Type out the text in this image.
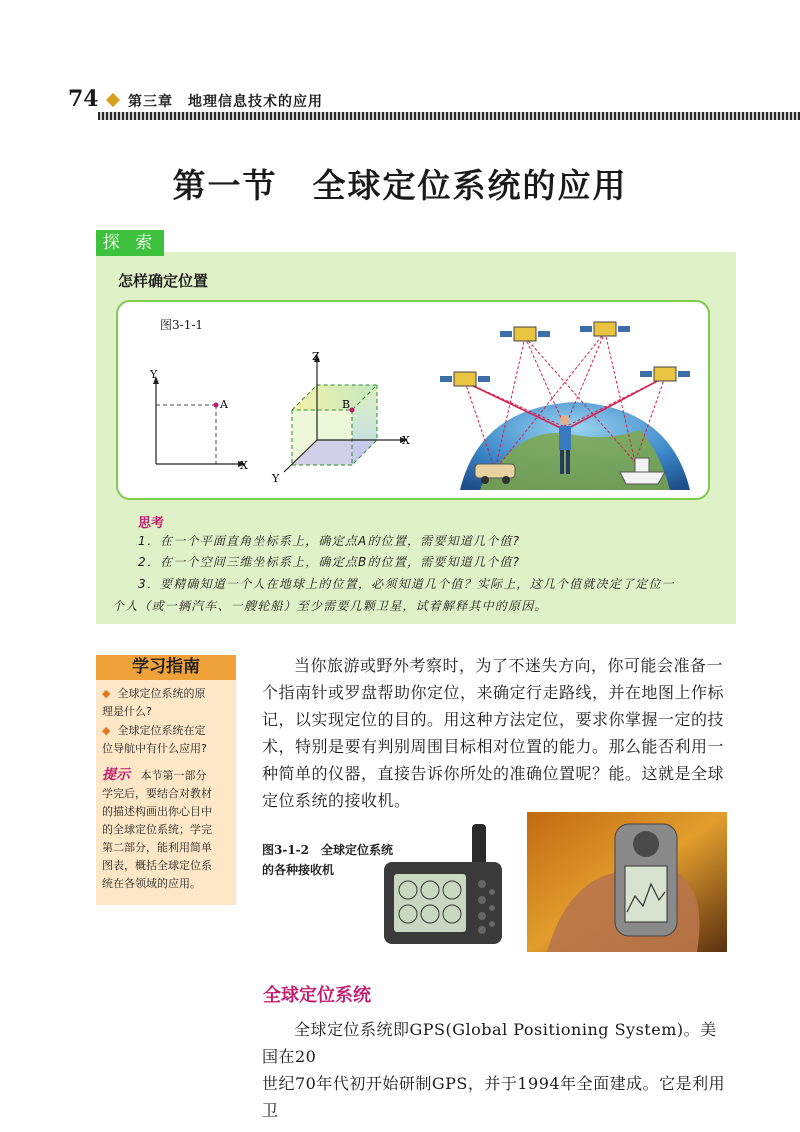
74 第三章　地理信息技术的应用
第一节　全球定位系统的应用
探 索
怎样确定位置
图3-1-1
Y
X
A
Z
X
Y
B
思考
1．在一个平面直角坐标系上，确定点A的位置，需要知道几个值?
2．在一个空间三维坐标系上，确定点B的位置，需要知道几个值?
3．要精确知道一个人在地球上的位置，必须知道几个值？实际上，这几个值就决定了定位一
个人（或一辆汽车、一艘轮船）至少需要几颗卫星，试着解释其中的原因。
学习指南
◆ 全球定位系统的原
理是什么?
◆ 全球定位系统在定
位导航中有什么应用?
提示 本节第一部分
学完后，要结合对教材
的描述构画出你心目中
的全球定位系统；学完
第二部分，能利用简单
图表，概括全球定位系
统在各领域的应用。
当你旅游或野外考察时，为了不迷失方向，你可能会准备一
个指南针或罗盘帮助你定位，来确定行走路线，并在地图上作标
记，以实现定位的目的。用这种方法定位，要求你掌握一定的技
术，特别是要有判别周围目标相对位置的能力。那么能否利用一
种简单的仪器，直接告诉你所处的准确位置呢？能。这就是全球
定位系统的接收机。
图3-1-2　全球定位系统
的各种接收机
全球定位系统
全球定位系统即GPS(Global Positioning System)。美国在20
世纪70年代初开始研制GPS，并于1994年全面建成。它是利用卫
